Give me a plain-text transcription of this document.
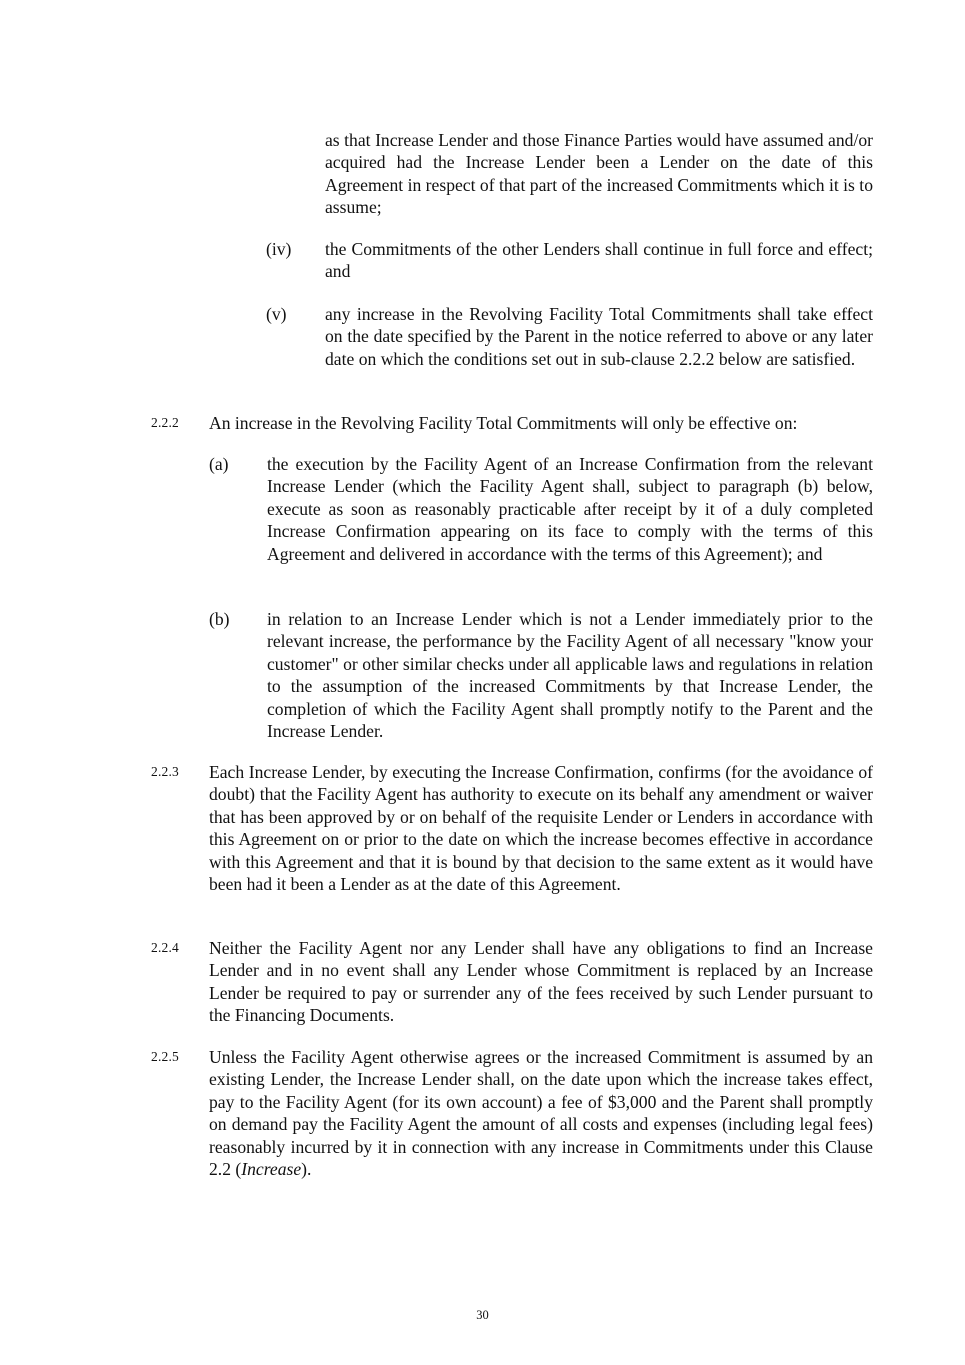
as that Increase Lender and those Finance Parties would have assumed and/or acquired had the Increase Lender been a Lender on the date of this Agreement in respect of that part of the increased Commitments which it is to assume;
(iv) the Commitments of the other Lenders shall continue in full force and effect; and
(v) any increase in the Revolving Facility Total Commitments shall take effect on the date specified by the Parent in the notice referred to above or any later date on which the conditions set out in sub-clause 2.2.2 below are satisfied.
2.2.2 An increase in the Revolving Facility Total Commitments will only be effective on:
(a) the execution by the Facility Agent of an Increase Confirmation from the relevant Increase Lender (which the Facility Agent shall, subject to paragraph (b) below, execute as soon as reasonably practicable after receipt by it of a duly completed Increase Confirmation appearing on its face to comply with the terms of this Agreement and delivered in accordance with the terms of this Agreement); and
(b) in relation to an Increase Lender which is not a Lender immediately prior to the relevant increase, the performance by the Facility Agent of all necessary "know your customer" or other similar checks under all applicable laws and regulations in relation to the assumption of the increased Commitments by that Increase Lender, the completion of which the Facility Agent shall promptly notify to the Parent and the Increase Lender.
2.2.3 Each Increase Lender, by executing the Increase Confirmation, confirms (for the avoidance of doubt) that the Facility Agent has authority to execute on its behalf any amendment or waiver that has been approved by or on behalf of the requisite Lender or Lenders in accordance with this Agreement on or prior to the date on which the increase becomes effective in accordance with this Agreement and that it is bound by that decision to the same extent as it would have been had it been a Lender as at the date of this Agreement.
2.2.4 Neither the Facility Agent nor any Lender shall have any obligations to find an Increase Lender and in no event shall any Lender whose Commitment is replaced by an Increase Lender be required to pay or surrender any of the fees received by such Lender pursuant to the Financing Documents.
2.2.5 Unless the Facility Agent otherwise agrees or the increased Commitment is assumed by an existing Lender, the Increase Lender shall, on the date upon which the increase takes effect, pay to the Facility Agent (for its own account) a fee of $3,000 and the Parent shall promptly on demand pay the Facility Agent the amount of all costs and expenses (including legal fees) reasonably incurred by it in connection with any increase in Commitments under this Clause 2.2 (Increase).
30
